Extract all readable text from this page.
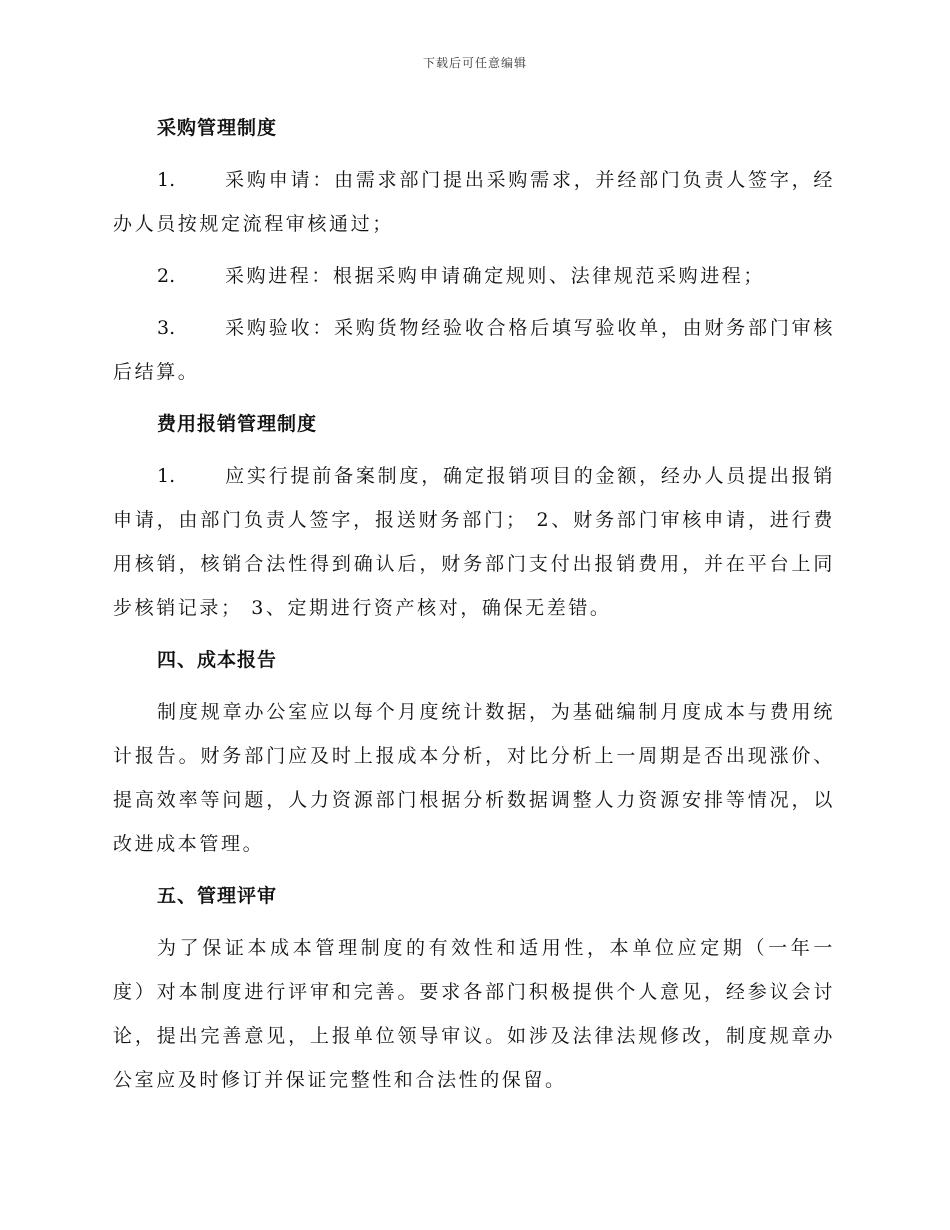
下载后可任意编辑
采购管理制度
1.	采购申请：由需求部门提出采购需求，并经部门负责人签字，经办人员按规定流程审核通过；
2.	采购进程：根据采购申请确定规则、法律规范采购进程；
3.	采购验收：采购货物经验收合格后填写验收单，由财务部门审核后结算。
费用报销管理制度
1.	应实行提前备案制度，确定报销项目的金额，经办人员提出报销申请，由部门负责人签字，报送财务部门； 2、财务部门审核申请，进行费用核销，核销合法性得到确认后，财务部门支付出报销费用，并在平台上同步核销记录； 3、定期进行资产核对，确保无差错。
四、成本报告
制度规章办公室应以每个月度统计数据，为基础编制月度成本与费用统计报告。财务部门应及时上报成本分析，对比分析上一周期是否出现涨价、提高效率等问题，人力资源部门根据分析数据调整人力资源安排等情况，以改进成本管理。
五、管理评审
为了保证本成本管理制度的有效性和适用性，本单位应定期（一年一度）对本制度进行评审和完善。要求各部门积极提供个人意见，经参议会讨论，提出完善意见，上报单位领导审议。如涉及法律法规修改，制度规章办公室应及时修订并保证完整性和合法性的保留。
